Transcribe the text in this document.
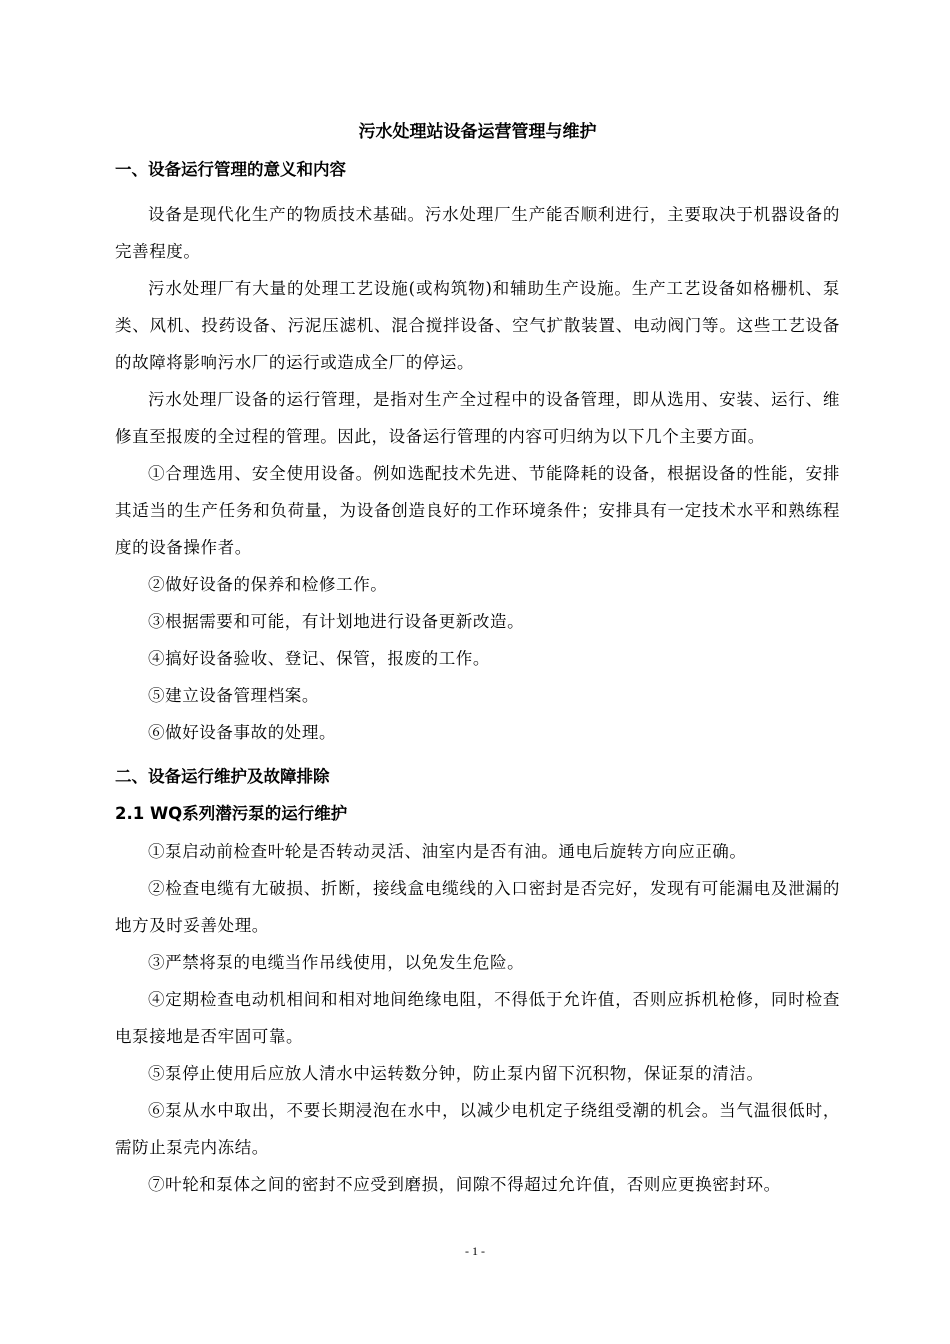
污水处理站设备运营管理与维护
一、设备运行管理的意义和内容

设备是现代化生产的物质技术基础。污水处理厂生产能否顺利进行，主要取决于机器设备的完善程度。

污水处理厂有大量的处理工艺设施(或构筑物)和辅助生产设施。生产工艺设备如格栅机、泵类、风机、投药设备、污泥压滤机、混合搅拌设备、空气扩散装置、电动阀门等。这些工艺设备的故障将影响污水厂的运行或造成全厂的停运。

污水处理厂设备的运行管理，是指对生产全过程中的设备管理，即从选用、安装、运行、维修直至报废的全过程的管理。因此，设备运行管理的内容可归纳为以下几个主要方面。

①合理选用、安全使用设备。例如选配技术先进、节能降耗的设备，根据设备的性能，安排其适当的生产任务和负荷量，为设备创造良好的工作环境条件；安排具有一定技术水平和熟练程度的设备操作者。

②做好设备的保养和检修工作。

③根据需要和可能，有计划地进行设备更新改造。

④搞好设备验收、登记、保管，报废的工作。

⑤建立设备管理档案。

⑥做好设备事故的处理。

二、设备运行维护及故障排除
2.1 WQ系列潜污泵的运行维护

①泵启动前检查叶轮是否转动灵活、油室内是否有油。通电后旋转方向应正确。

②检查电缆有尢破损、折断，接线盒电缆线的入口密封是否完好，发现有可能漏电及泄漏的地方及时妥善处理。

③严禁将泵的电缆当作吊线使用，以免发生危险。

④定期检查电动机相间和相对地间绝缘电阻，不得低于允许值，否则应拆机枪修，同时检查电泵接地是否牢固可靠。

⑤泵停止使用后应放人清水中运转数分钟，防止泵内留下沉积物，保证泵的清洁。

⑥泵从水中取出，不要长期浸泡在水中，以减少电机定子绕组受潮的机会。当气温很低时，需防止泵壳内冻结。

⑦叶轮和泵体之间的密封不应受到磨损，间隙不得超过允许值，否则应更换密封环。

- 1 -
